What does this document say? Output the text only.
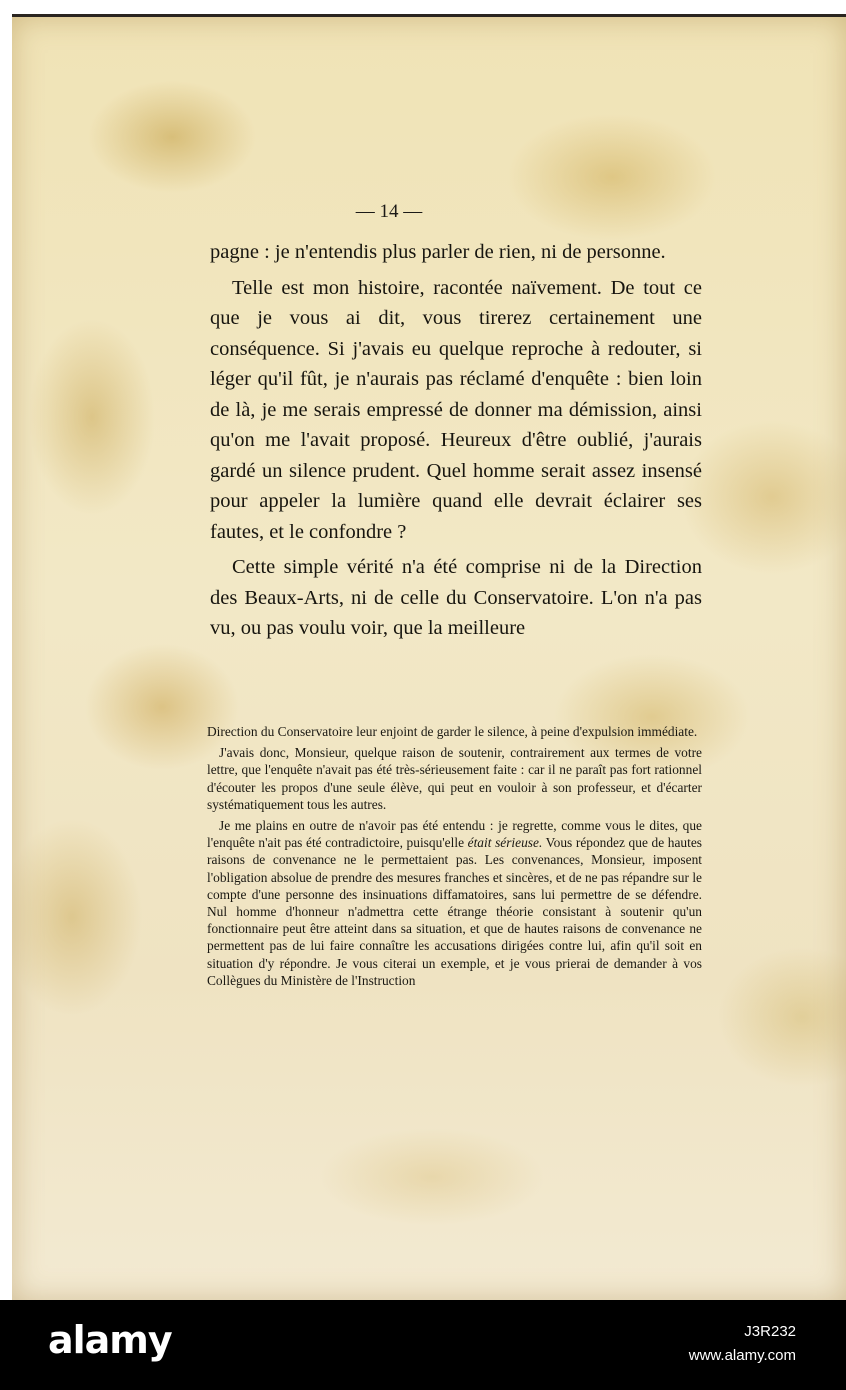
— 14 —

pagne : je n'entendis plus parler de rien, ni de personne.

Telle est mon histoire, racontée naïvement. De tout ce que je vous ai dit, vous tirerez certainement une conséquence. Si j'avais eu quelque reproche à redouter, si léger qu'il fût, je n'aurais pas réclamé d'enquête : bien loin de là, je me serais empressé de donner ma démission, ainsi qu'on me l'avait proposé. Heureux d'être oublié, j'aurais gardé un silence prudent. Quel homme serait assez insensé pour appeler la lumière quand elle devrait éclairer ses fautes, et le confondre ?

Cette simple vérité n'a été comprise ni de la Direction des Beaux-Arts, ni de celle du Conservatoire. L'on n'a pas vu, ou pas voulu voir, que la meilleure

Direction du Conservatoire leur enjoint de garder le silence, à peine d'expulsion immédiate.

J'avais donc, Monsieur, quelque raison de soutenir, contrairement aux termes de votre lettre, que l'enquête n'avait pas été très-sérieusement faite : car il ne paraît pas fort rationnel d'écouter les propos d'une seule élève, qui peut en vouloir à son professeur, et d'écarter systématiquement tous les autres.

Je me plains en outre de n'avoir pas été entendu : je regrette, comme vous le dites, que l'enquête n'ait pas été contradictoire, puisqu'elle était sérieuse. Vous répondez que de hautes raisons de convenance ne le permettaient pas. Les convenances, Monsieur, imposent l'obligation absolue de prendre des mesures franches et sincères, et de ne pas répandre sur le compte d'une personne des insinuations diffamatoires, sans lui permettre de se défendre. Nul homme d'honneur n'admettra cette étrange théorie consistant à soutenir qu'un fonctionnaire peut être atteint dans sa situation, et que de hautes raisons de convenance ne permettent pas de lui faire connaître les accusations dirigées contre lui, afin qu'il soit en situation d'y répondre. Je vous citerai un exemple, et je vous prierai de demander à vos Collègues du Ministère de l'Instruction

alamy	J3R232
www.alamy.com
